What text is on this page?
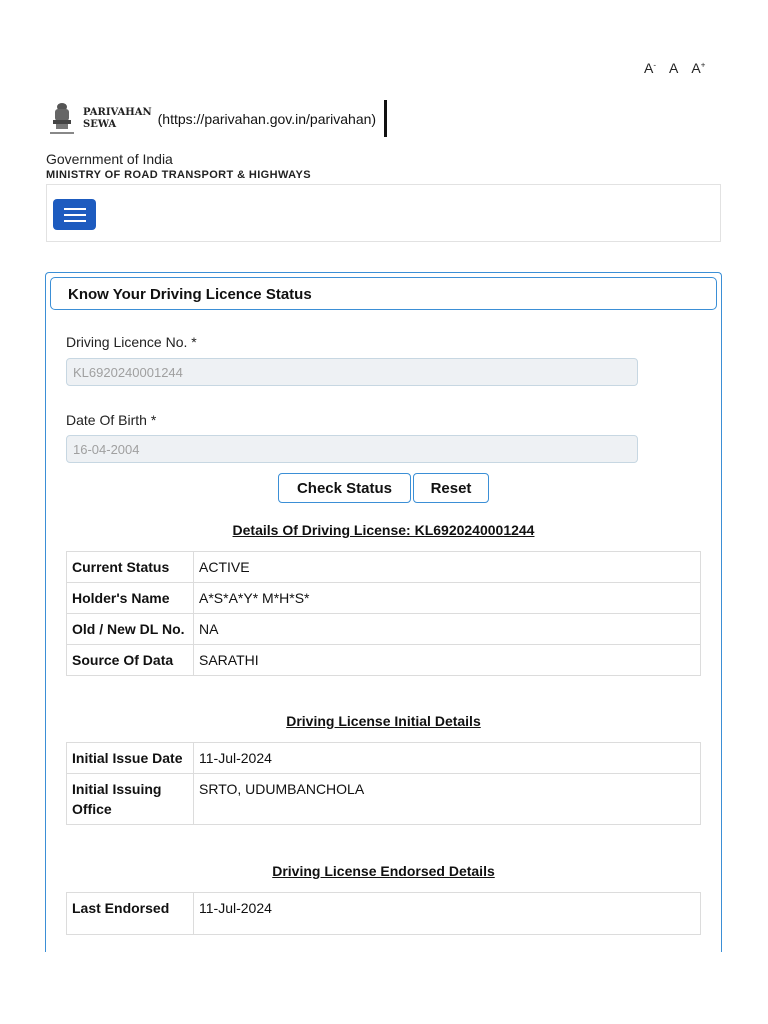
A- A A+
PARIVAHAN
SEWA	(https://parivahan.gov.in/parivahan)
Government of India
MINISTRY OF ROAD TRANSPORT & HIGHWAYS
Know Your Driving Licence Status
Driving Licence No. *
KL6920240001244
Date Of Birth *
16-04-2004
Check Status	Reset
Details Of Driving License: KL6920240001244
Current Status	ACTIVE
Holder's Name	A*S*A*Y* M*H*S*
Old / New DL No.	NA
Source Of Data	SARATHI
Driving License Initial Details
Initial Issue Date	11-Jul-2024
Initial Issuing Office	SRTO, UDUMBANCHOLA
Driving License Endorsed Details
Last Endorsed	11-Jul-2024
